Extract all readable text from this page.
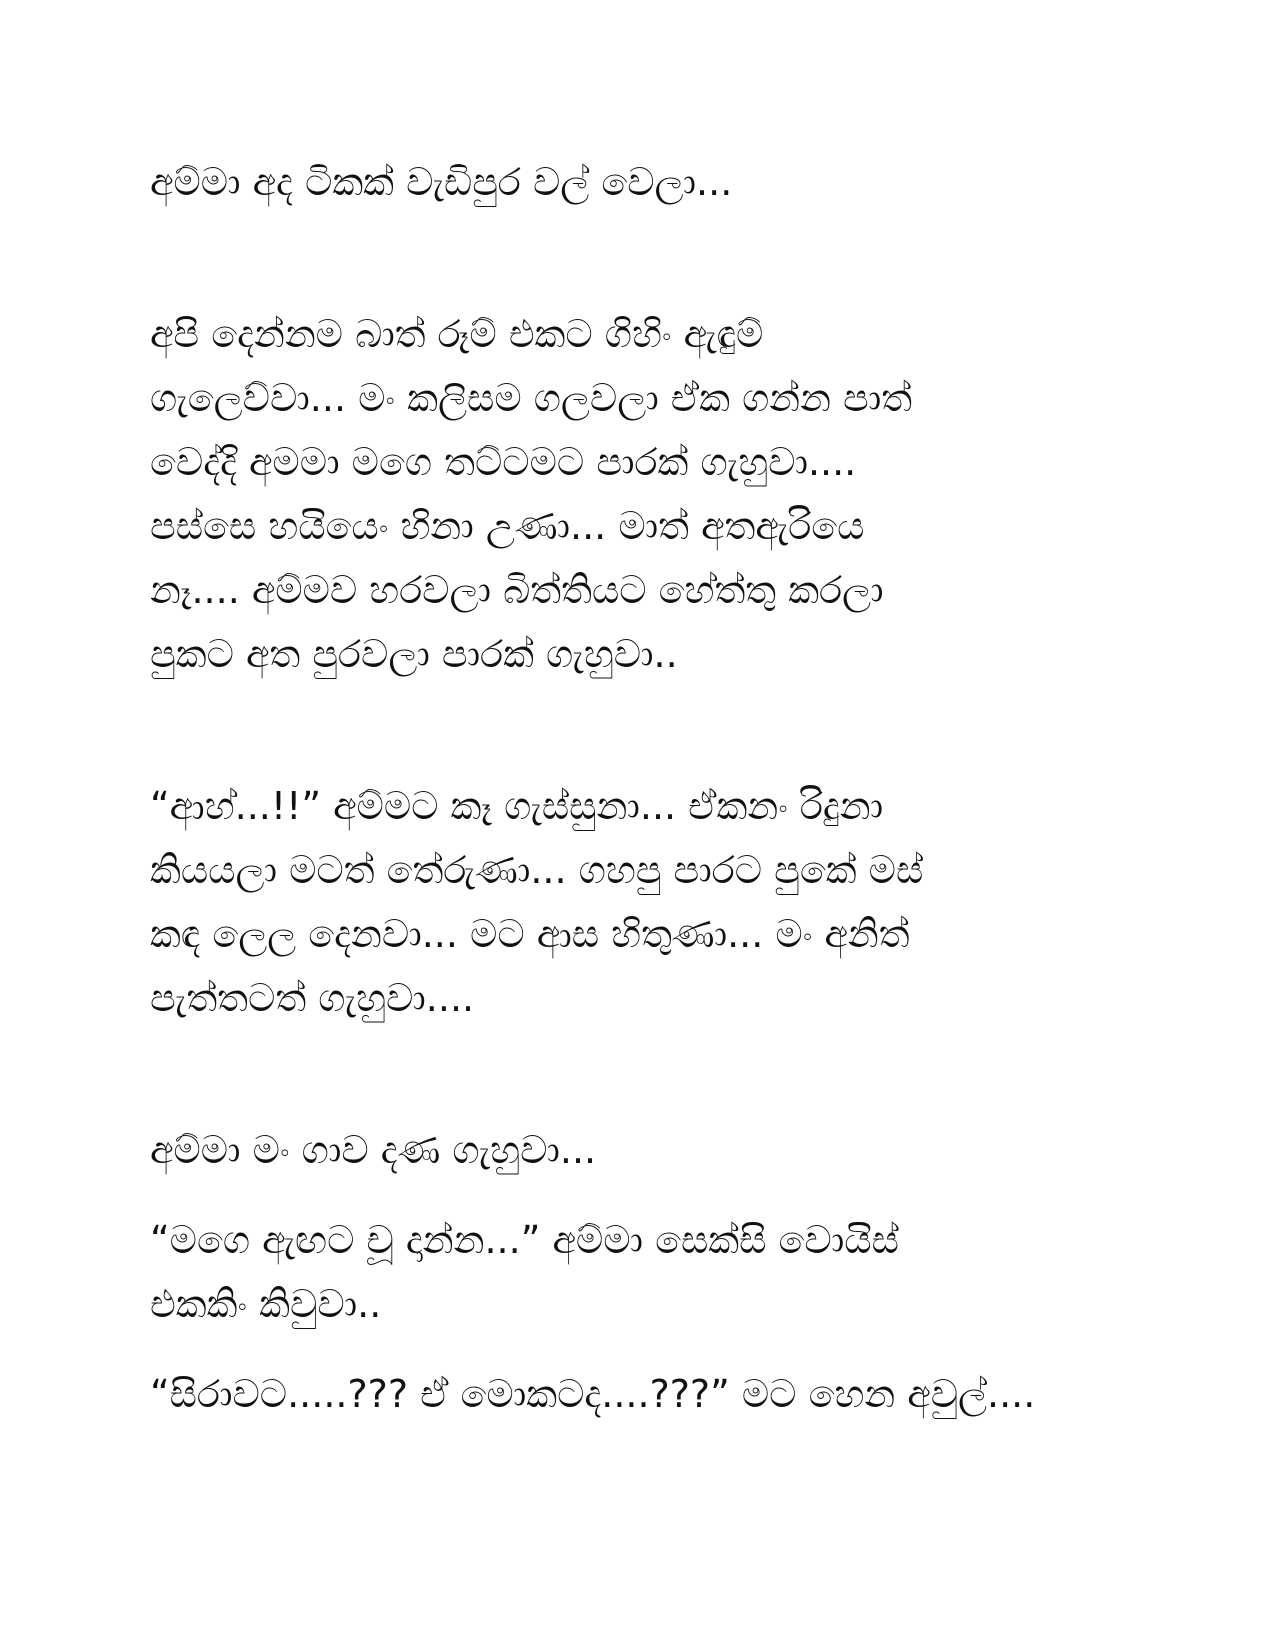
අම්මා අද ටිකක් වැඩිපුර වල් වෙලා...

අපි දෙන්නම බාත් රූම් එකට ගිහිං ඇඳුම්
ගැලෙව්වා... මං කලිසම ගලවලා ඒක ගන්න පාත්
වෙද්දි අමමා මගෙ තට්ටමට පාරක් ගැහුවා....
පස්සෙ හයියෙං හිනා උණා... මාත් අතඇරියෙ
නෑ.... අම්මව හරවලා බිත්තියට හේත්තු කරලා
පුකට අත පුරවලා පාරක් ගැහුවා..

“ආහ්...!!” අම්මට කෑ ගැස්සුනා... ඒකනං රිදුනා
කියයලා මටත් තේරුණා... ගහපු පාරට පුකේ මස්
කඳ ලෙල දෙනවා... මට ආස හිතුණා... මං අනිත්
පැත්තටත් ගැහුවා....

අම්මා මං ගාව දණ ගැහුවා...

“මගෙ ඇඟට චූ දාන්න...” අම්මා සෙක්සි වොයිස්
එකකිං කිවුවා..

“සිරාවට.....??? ඒ මොකටද....???” මට හෙන අවුල්....
